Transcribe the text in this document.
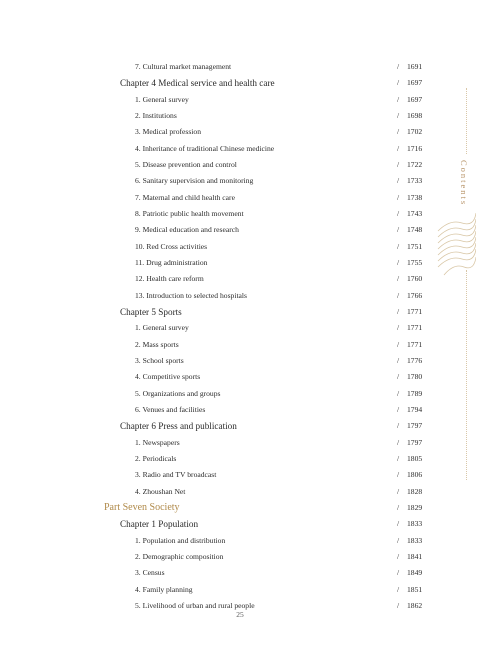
7. Cultural market management	/ 1691
Chapter 4 Medical service and health care	/ 1697
1. General survey	/ 1697
2. Institutions	/ 1698
3. Medical profession	/ 1702
4. Inheritance of traditional Chinese medicine	/ 1716
5. Disease prevention and control	/ 1722
6. Sanitary supervision and monitoring	/ 1733
7. Maternal and child health care	/ 1738
8. Patriotic public health movement	/ 1743
9. Medical education and research	/ 1748
10. Red Cross activities	/ 1751
11. Drug administration	/ 1755
12. Health care reform	/ 1760
13. Introduction to selected hospitals	/ 1766
Chapter 5 Sports	/ 1771
1. General survey	/ 1771
2. Mass sports	/ 1771
3. School sports	/ 1776
4. Competitive sports	/ 1780
5. Organizations and groups	/ 1789
6. Venues and facilities	/ 1794
Chapter 6 Press and publication	/ 1797
1. Newspapers	/ 1797
2. Periodicals	/ 1805
3. Radio and TV broadcast	/ 1806
4. Zhoushan Net	/ 1828
Part Seven Society	/ 1829
Chapter 1 Population	/ 1833
1. Population and distribution	/ 1833
2. Demographic composition	/ 1841
3. Census	/ 1849
4. Family planning	/ 1851
5. Livelihood of urban and rural people	/ 1862
Contents
25
